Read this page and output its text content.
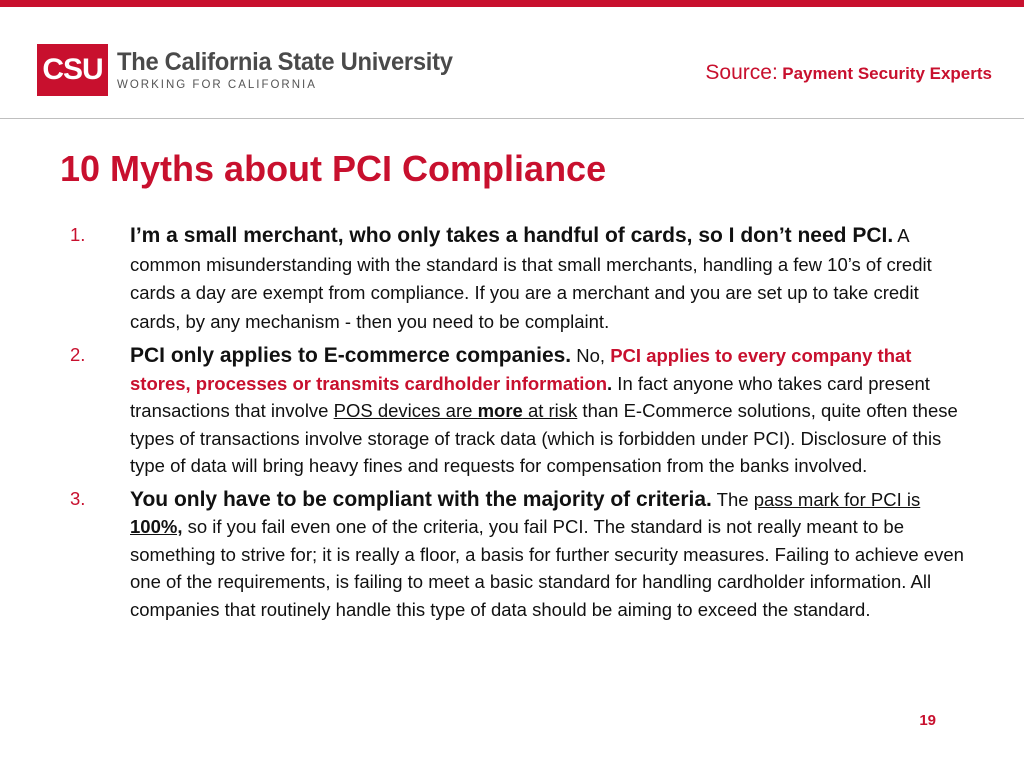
CSU The California State University
WORKING FOR CALIFORNIA
Source: Payment Security Experts
10 Myths about PCI Compliance
1.	I’m a small merchant, who only takes a handful of cards, so I don’t need PCI. A common misunderstanding with the standard is that small merchants, handling a few 10’s of credit cards a day are exempt from compliance. If you are a merchant and you are set up to take credit cards, by any mechanism - then you need to be complaint.
2.	PCI only applies to E-commerce companies. No, PCI applies to every company that stores, processes or transmits cardholder information. In fact anyone who takes card present transactions that involve POS devices are more at risk than E-Commerce solutions, quite often these types of transactions involve storage of track data (which is forbidden under PCI). Disclosure of this type of data will bring heavy fines and requests for compensation from the banks involved.
3.	You only have to be compliant with the majority of criteria. The pass mark for PCI is 100%, so if you fail even one of the criteria, you fail PCI. The standard is not really meant to be something to strive for; it is really a floor, a basis for further security measures. Failing to achieve even one of the requirements, is failing to meet a basic standard for handling cardholder information. All companies that routinely handle this type of data should be aiming to exceed the standard.
19
